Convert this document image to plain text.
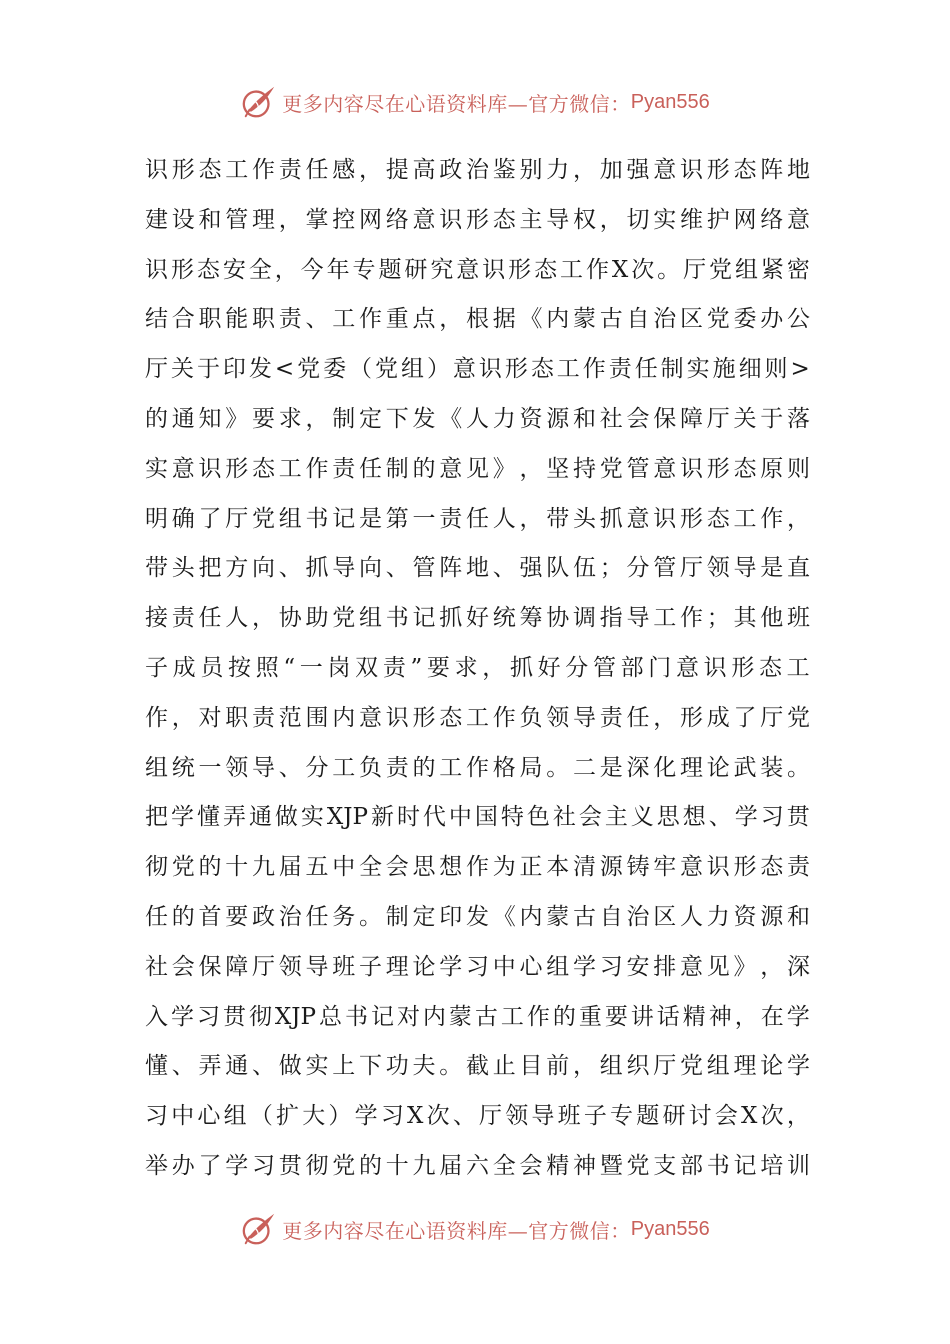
更多内容尽在心语资料库—官方微信： Pyan556
识 形 态 工 作 责 任 感 ， 提 高 政 治 鉴 别 力 ， 加 强 意 识 形 态 阵 地
建 设 和 管 理 ， 掌 控 网 络 意 识 形 态 主 导 权 ， 切 实 维 护 网 络 意
识 形 态 安 全 ， 今 年 专 题 研 究 意 识 形 态 工 作 X 次 。 厅 党 组 紧 密
结 合 职 能 职 责 、 工 作 重 点 ， 根 据 《 内 蒙 古 自 治 区 党 委 办 公
厅 关 于 印 发 < 党 委 （ 党 组 ） 意 识 形 态 工 作 责 任 制 实 施 细 则 >
的 通 知 》 要 求 ， 制 定 下 发 《 人 力 资 源 和 社 会 保 障 厅 关 于 落
实 意 识 形 态 工 作 责 任 制 的 意 见 》 ， 坚 持 党 管 意 识 形 态 原 则
明 确 了 厅 党 组 书 记 是 第 一 责 任 人 ， 带 头 抓 意 识 形 态 工 作 ，
带 头 把 方 向 、 抓 导 向 、 管 阵 地 、 强 队 伍 ； 分 管 厅 领 导 是 直
接 责 任 人 ， 协 助 党 组 书 记 抓 好 统 筹 协 调 指 导 工 作 ； 其 他 班
子 成 员 按 照 “ 一 岗 双 责 ” 要 求 ， 抓 好 分 管 部 门 意 识 形 态 工
作 ， 对 职 责 范 围 内 意 识 形 态 工 作 负 领 导 责 任 ， 形 成 了 厅 党
组 统 一 领 导 、 分 工 负 责 的 工 作 格 局 。 二 是 深 化 理 论 武 装 。
把 学 懂 弄 通 做 实 XJP 新 时 代 中 国 特 色 社 会 主 义 思 想 、 学 习 贯
彻 党 的 十 九 届 五 中 全 会 思 想 作 为 正 本 清 源 铸 牢 意 识 形 态 责
任 的 首 要 政 治 任 务 。 制 定 印 发 《 内 蒙 古 自 治 区 人 力 资 源 和
社 会 保 障 厅 领 导 班 子 理 论 学 习 中 心 组 学 习 安 排 意 见 》 ， 深
入 学 习 贯 彻 XJP 总 书 记 对 内 蒙 古 工 作 的 重 要 讲 话 精 神 ， 在 学
懂 、 弄 通 、 做 实 上 下 功 夫 。 截 止 目 前 ， 组 织 厅 党 组 理 论 学
习 中 心 组 （ 扩 大 ） 学 习 X 次 、 厅 领 导 班 子 专 题 研 讨 会 X 次 ，
举 办 了 学 习 贯 彻 党 的 十 九 届 六 全 会 精 神 暨 党 支 部 书 记 培 训
更多内容尽在心语资料库—官方微信： Pyan556
